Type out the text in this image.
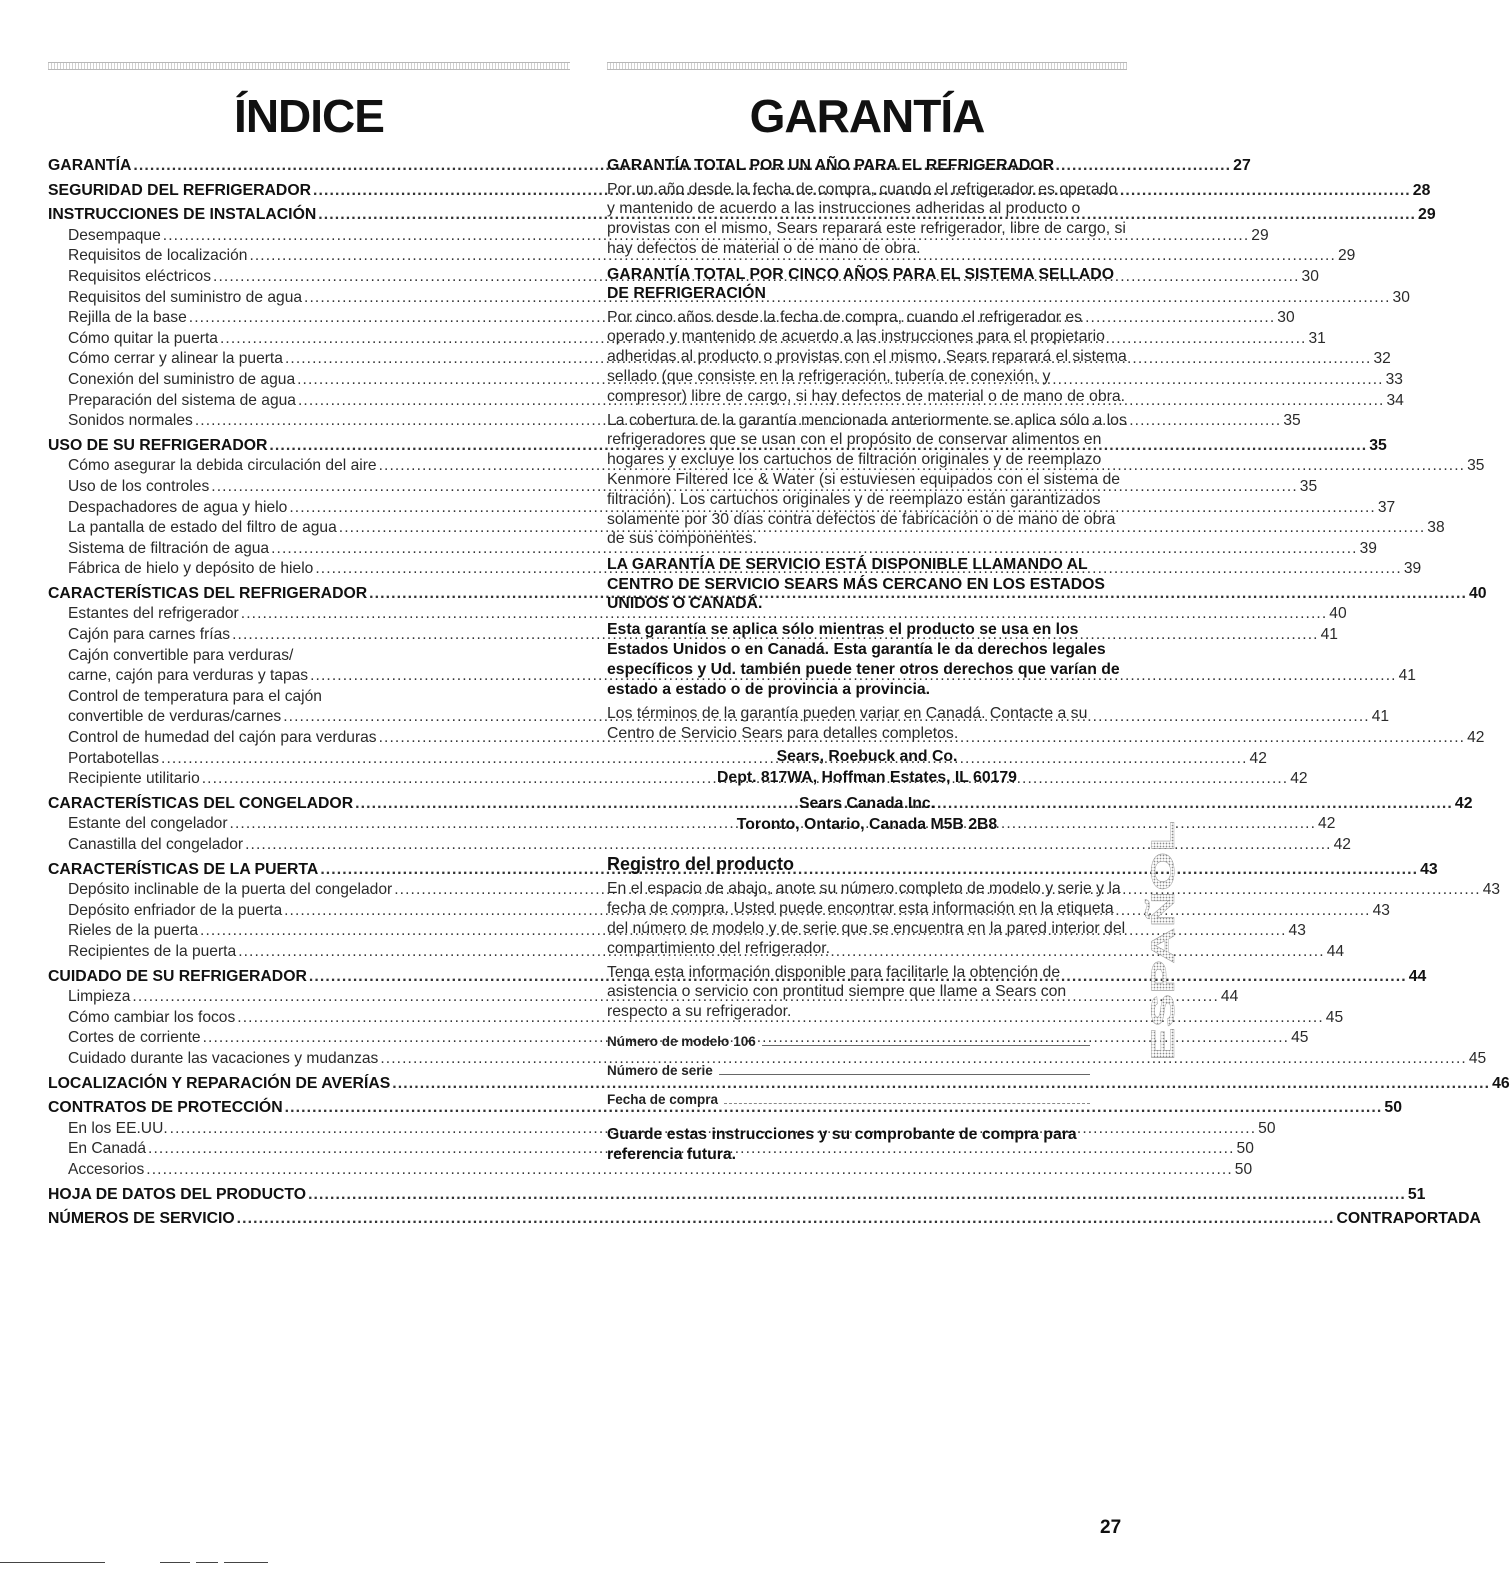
ÍNDICE
GARANTÍA .....	27
SEGURIDAD DEL REFRIGERADOR .....	28
INSTRUCCIONES DE INSTALACIÓN .....	29
Desempaque .....	29
Requisitos de localización .....	29
Requisitos eléctricos .....	30
Requisitos del suministro de agua .....	30
Rejilla de la base .....	30
Cómo quitar la puerta .....	31
Cómo cerrar y alinear la puerta .....	32
Conexión del suministro de agua .....	33
Preparación del sistema de agua .....	34
Sonidos normales .....	35
USO DE SU REFRIGERADOR .....	35
Cómo asegurar la debida circulación del aire .....	35
Uso de los controles .....	35
Despachadores de agua y hielo .....	37
La pantalla de estado del filtro de agua .....	38
Sistema de filtración de agua .....	39
Fábrica de hielo y depósito de hielo .....	39
CARACTERÍSTICAS DEL REFRIGERADOR .....	40
Estantes del refrigerador .....	40
Cajón para carnes frías .....	41
Cajón convertible para verduras/
carne, cajón para verduras y tapas .....	41
Control de temperatura para el cajón
convertible de verduras/carnes .....	41
Control de humedad del cajón para verduras .....	42
Portabotellas .....	42
Recipiente utilitario .....	42
CARACTERÍSTICAS DEL CONGELADOR .....	42
Estante del congelador .....	42
Canastilla del congelador .....	42
CARACTERÍSTICAS DE LA PUERTA .....	43
Depósito inclinable de la puerta del congelador .....	43
Depósito enfriador de la puerta .....	43
Rieles de la puerta .....	43
Recipientes de la puerta .....	44
CUIDADO DE SU REFRIGERADOR .....	44
Limpieza .....	44
Cómo cambiar los focos .....	45
Cortes de corriente .....	45
Cuidado durante las vacaciones y mudanzas .....	45
LOCALIZACIÓN Y REPARACIÓN DE AVERÍAS .....	46
CONTRATOS DE PROTECCIÓN .....	50
En los EE.UU. .....	50
En Canadá .....	50
Accesorios .....	50
HOJA DE DATOS DEL PRODUCTO .....	51
NÚMEROS DE SERVICIO .....	CONTRAPORTADA
GARANTÍA
GARANTÍA TOTAL POR UN AÑO PARA EL REFRIGERADOR

Por un año desde la fecha de compra, cuando el refrigerador es operado y mantenido de acuerdo a las instrucciones adheridas al producto o provistas con el mismo, Sears reparará este refrigerador, libre de cargo, si hay defectos de material o de mano de obra.

GARANTÍA TOTAL POR CINCO AÑOS PARA EL SISTEMA SELLADO DE REFRIGERACIÓN

Por cinco años desde la fecha de compra, cuando el refrigerador es operado y mantenido de acuerdo a las instrucciones para el propietario adheridas al producto o provistas con el mismo, Sears reparará el sistema sellado (que consiste en la refrigeración, tubería de conexión, y compresor) libre de cargo, si hay defectos de material o de mano de obra.

La cobertura de la garantía mencionada anteriormente se aplica sólo a los refrigeradores que se usan con el propósito de conservar alimentos en hogares y excluye los cartuchos de filtración originales y de reemplazo Kenmore Filtered Ice & Water (si estuviesen equipados con el sistema de filtración). Los cartuchos originales y de reemplazo están garantizados solamente por 30 días contra defectos de fabricación o de mano de obra de sus componentes.

LA GARANTÍA DE SERVICIO ESTÁ DISPONIBLE LLAMANDO AL CENTRO DE SERVICIO SEARS MÁS CERCANO EN LOS ESTADOS UNIDOS O CANADÁ.

Esta garantía se aplica sólo mientras el producto se usa en los Estados Unidos o en Canadá. Esta garantía le da derechos legales específicos y Ud. también puede tener otros derechos que varían de estado a estado o de provincia a provincia.

Los términos de la garantía pueden variar en Canadá. Contacte a su Centro de Servicio Sears para detalles completos.

Sears, Roebuck and Co.
Dept. 817WA, Hoffman Estates, IL 60179
Sears Canada Inc.
Toronto, Ontario, Canada M5B 2B8
Registro del producto

En el espacio de abajo, anote su número completo de modelo y serie y la fecha de compra. Usted puede encontrar esta información en la etiqueta del número de modelo y de serie que se encuentra en la pared interior del compartimiento del refrigerador.

Tenga esta información disponible para facilitarle la obtención de asistencia o servicio con prontitud siempre que llame a Sears con respecto a su refrigerador.

Número de modelo 106
Número de serie
Fecha de compra

Guarde estas instrucciones y su comprobante de compra para referencia futura.

ESPAÑOL
27
